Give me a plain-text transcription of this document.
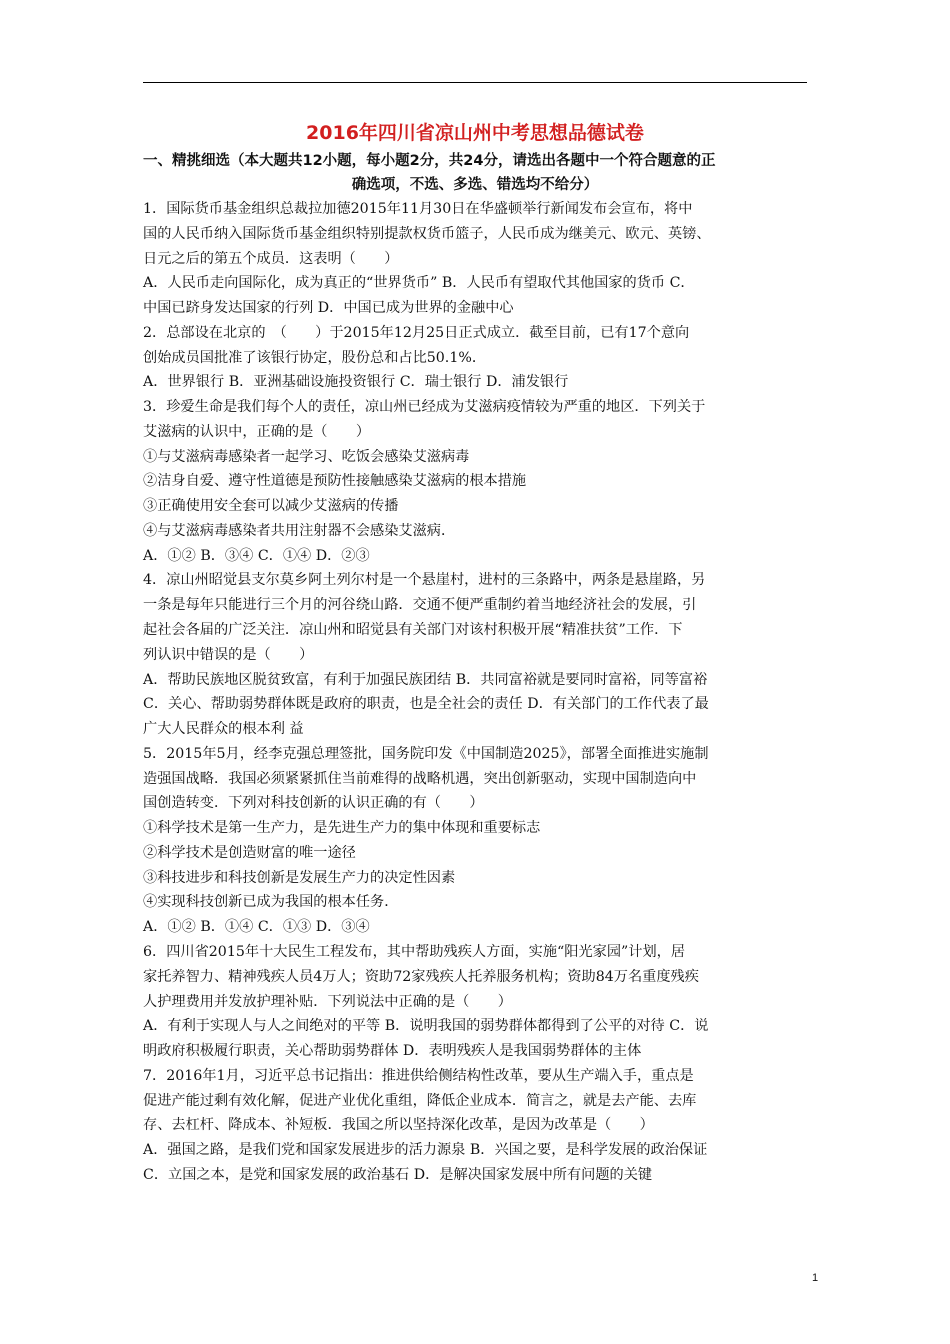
2016年四川省凉山州中考思想品德试卷
一、精挑细选（本大题共12小题，每小题2分，共24分，请选出各题中一个符合题意的正
确选项，不选、多选、错选均不给分）
1．国际货币基金组织总裁拉加德2015年11月30日在华盛顿举行新闻发布会宣布，将中
国的人民币纳入国际货币基金组织特别提款权货币篮子，人民币成为继美元、欧元、英镑、
日元之后的第五个成员．这表明（　　）
A．人民币走向国际化，成为真正的“世界货币” B．人民币有望取代其他国家的货币 C．
中国已跻身发达国家的行列 D．中国已成为世界的金融中心
2．总部设在北京的　（　　）于2015年12月25日正式成立．截至目前，已有17个意向
创始成员国批准了该银行协定，股份总和占比50.1%．
A．世界银行 B．亚洲基础设施投资银行 C．瑞士银行 D．浦发银行
3．珍爱生命是我们每个人的责任，凉山州已经成为艾滋病疫情较为严重的地区．下列关于
艾滋病的认识中，正确的是（　　）
①与艾滋病毒感染者一起学习、吃饭会感染艾滋病毒
②洁身自爱、遵守性道德是预防性接触感染艾滋病的根本措施
③正确使用安全套可以减少艾滋病的传播
④与艾滋病毒感染者共用注射器不会感染艾滋病．
A．①② B．③④ C．①④ D．②③
4．凉山州昭觉县支尔莫乡阿土列尔村是一个悬崖村，进村的三条路中，两条是悬崖路，另
一条是每年只能进行三个月的河谷绕山路．交通不便严重制约着当地经济社会的发展，引
起社会各届的广泛关注．凉山州和昭觉县有关部门对该村积极开展“精准扶贫”工作．下
列认识中错误的是（　　）
A．帮助民族地区脱贫致富，有利于加强民族团结 B．共同富裕就是要同时富裕，同等富裕
C．关心、帮助弱势群体既是政府的职责，也是全社会的责任 D．有关部门的工作代表了最
广大人民群众的根本利 益
5．2015年5月，经李克强总理签批，国务院印发《中国制造2025》，部署全面推进实施制
造强国战略．我国必须紧紧抓住当前难得的战略机遇，突出创新驱动，实现中国制造向中
国创造转变．下列对科技创新的认识正确的有（　　）
①科学技术是第一生产力，是先进生产力的集中体现和重要标志
②科学技术是创造财富的唯一途径
③科技进步和科技创新是发展生产力的决定性因素
④实现科技创新已成为我国的根本任务．
A．①② B．①④ C．①③ D．③④
6．四川省2015年十大民生工程发布，其中帮助残疾人方面，实施“阳光家园”计划，居
家托养智力、精神残疾人员4万人；资助72家残疾人托养服务机构；资助84万名重度残疾
人护理费用并发放护理补贴．下列说法中正确的是（　　）
A．有利于实现人与人之间绝对的平等 B．说明我国的弱势群体都得到了公平的对待 C．说
明政府积极履行职责，关心帮助弱势群体 D．表明残疾人是我国弱势群体的主体
7．2016年1月，习近平总书记指出：推进供给侧结构性改革，要从生产端入手，重点是
促进产能过剩有效化解，促进产业优化重组，降低企业成本．简言之，就是去产能、去库
存、去杠杆、降成本、补短板．我国之所以坚持深化改革，是因为改革是（　　）
A．强国之路，是我们党和国家发展进步的活力源泉 B．兴国之要，是科学发展的政治保证
C．立国之本，是党和国家发展的政治基石 D．是解决国家发展中所有问题的关键
1
